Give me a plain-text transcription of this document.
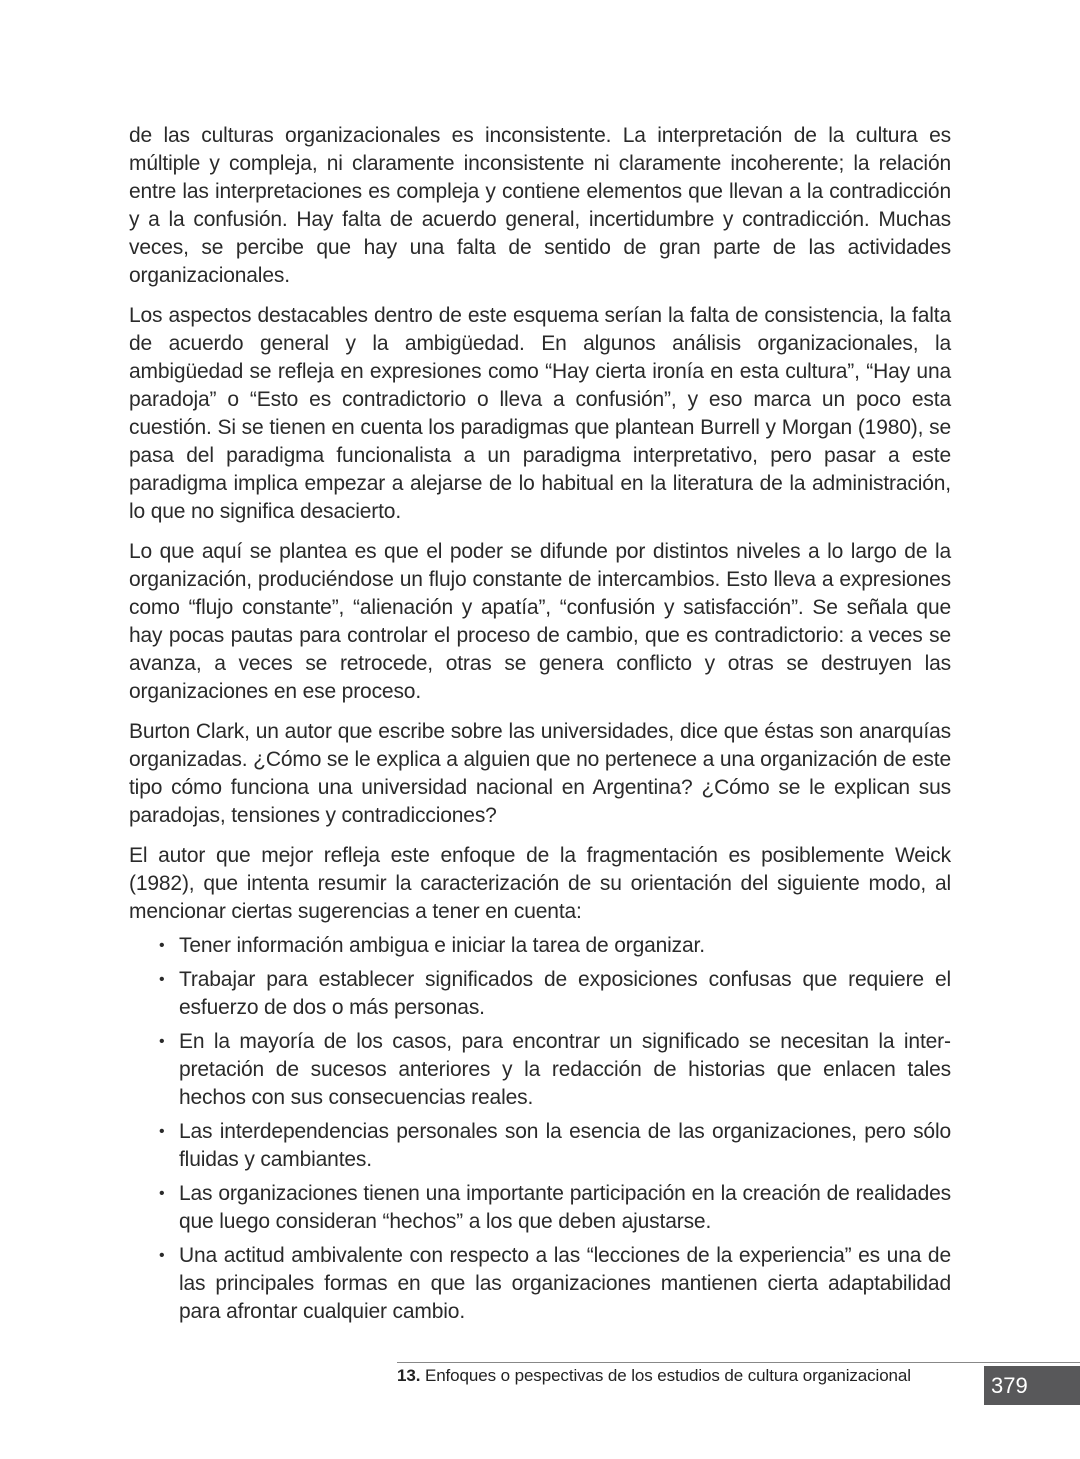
de las culturas organizacionales es inconsistente. La interpretación de la cultura es múltiple y compleja, ni claramente inconsistente ni claramente incoherente; la relación entre las interpretaciones es compleja y contiene elementos que llevan a la contradicción y a la confusión. Hay falta de acuerdo general, incertidumbre y contradicción. Muchas veces, se percibe que hay una falta de sentido de gran parte de las actividades organizacionales.

Los aspectos destacables dentro de este esquema serían la falta de consistencia, la falta de acuerdo general y la ambigüedad. En algunos análisis organizacionales, la ambigüedad se refleja en expresiones como “Hay cierta ironía en esta cultura”, “Hay una paradoja” o “Esto es contradictorio o lleva a confusión”, y eso marca un poco esta cuestión. Si se tienen en cuenta los paradigmas que plantean Burrell y Morgan (1980), se pasa del paradigma funcionalista a un paradigma interpretativo, pero pasar a este paradigma implica empezar a alejarse de lo habitual en la literatura de la administración, lo que no significa desacierto.

Lo que aquí se plantea es que el poder se difunde por distintos niveles a lo largo de la organización, produciéndose un flujo constante de intercambios. Esto lleva a expresiones como “flujo constante”, “alienación y apatía”, “confusión y satisfacción”. Se señala que hay pocas pautas para controlar el proceso de cambio, que es contradictorio: a veces se avanza, a veces se retrocede, otras se genera conflicto y otras se destruyen las organizaciones en ese proceso.

Burton Clark, un autor que escribe sobre las universidades, dice que éstas son anarquías organizadas. ¿Cómo se le explica a alguien que no pertenece a una organización de este tipo cómo funciona una universidad nacional en Argentina? ¿Cómo se le explican sus paradojas, tensiones y contradicciones?

El autor que mejor refleja este enfoque de la fragmentación es posiblemente Weick (1982), que intenta resumir la caracterización de su orientación del siguiente modo, al mencionar ciertas sugerencias a tener en cuenta:

• Tener información ambigua e iniciar la tarea de organizar.
• Trabajar para establecer significados de exposiciones confusas que requiere el esfuerzo de dos o más personas.
• En la mayoría de los casos, para encontrar un significado se necesitan la interpretación de sucesos anteriores y la redacción de historias que enlacen tales hechos con sus consecuencias reales.
• Las interdependencias personales son la esencia de las organizaciones, pero sólo fluidas y cambiantes.
• Las organizaciones tienen una importante participación en la creación de realidades que luego consideran “hechos” a los que deben ajustarse.
• Una actitud ambivalente con respecto a las “lecciones de la experiencia” es una de las principales formas en que las organizaciones mantienen cierta adaptabilidad para afrontar cualquier cambio.
13. Enfoques o pespectivas de los estudios de cultura organizacional	379
